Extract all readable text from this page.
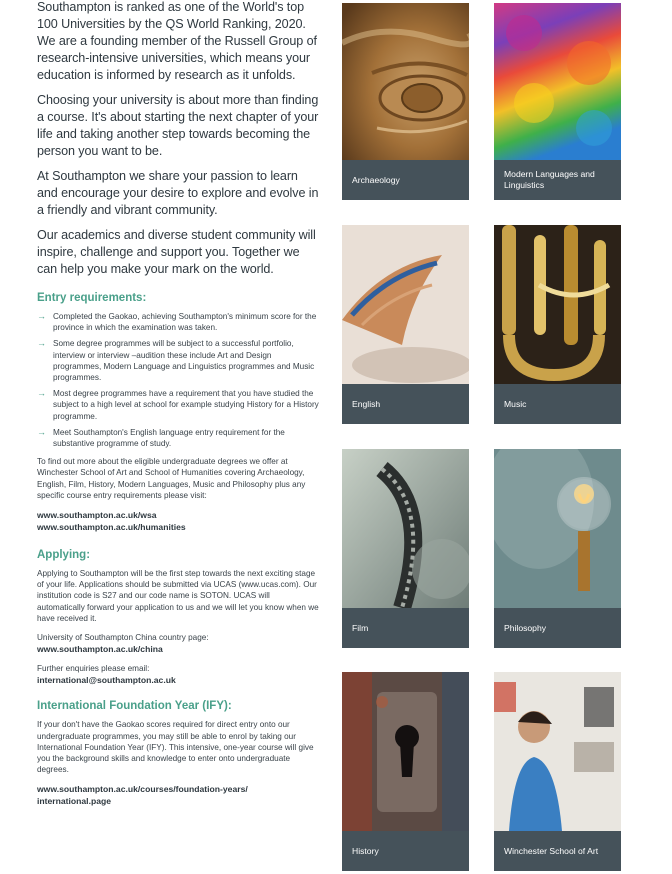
Southampton is ranked as one of the World's top 100 Universities by the QS World Ranking, 2020. We are a founding member of the Russell Group of research-intensive universities, which means your education is informed by research as it unfolds.

Choosing your university is about more than finding a course. It's about starting the next chapter of your life and taking another step towards becoming the person you want to be.

At Southampton we share your passion to learn and encourage your desire to explore and evolve in a friendly and vibrant community.

Our academics and diverse student community will inspire, challenge and support you. Together we can help you make your mark on the world.

Entry requirements:
→ Completed the Gaokao, achieving Southampton's minimum score for the province in which the examination was taken.
→ Some degree programmes will be subject to a successful portfolio, interview or interview –audition these include Art and Design programmes, Modern Language and Linguistics programmes and Music programmes.
→ Most degree programmes have a requirement that you have studied the subject to a high level at school for example studying History for a History programme.
→ Meet Southampton's English language entry requirement for the substantive programme of study.

To find out more about the eligible undergraduate degrees we offer at Winchester School of Art and School of Humanities covering Archaeology, English, Film, History, Modern Languages, Music and Philosophy plus any specific course entry requirements please visit:

www.southampton.ac.uk/wsa

www.southampton.ac.uk/humanities

Applying:

Applying to Southampton will be the first step towards the next exciting stage of your life. Applications should be submitted via UCAS (www.ucas.com). Our institution code is S27 and our code name is SOTON. UCAS will automatically forward your application to us and we will let you know when we have received it.

University of Southampton China country page:

www.southampton.ac.uk/china

Further enquiries please email:

international@southampton.ac.uk

International Foundation Year (IFY):

If your don't have the Gaokao scores required for direct entry onto our undergraduate programmes, you may still be able to enrol by taking our International Foundation Year (IFY). This intensive, one-year course will give you the background skills and knowledge to enter onto undergraduate degrees.

www.southampton.ac.uk/courses/foundation-years/

international.page

Archaeology
Modern Languages and Linguistics
English	Music
Film	Philosophy
History	Winchester School of Art
